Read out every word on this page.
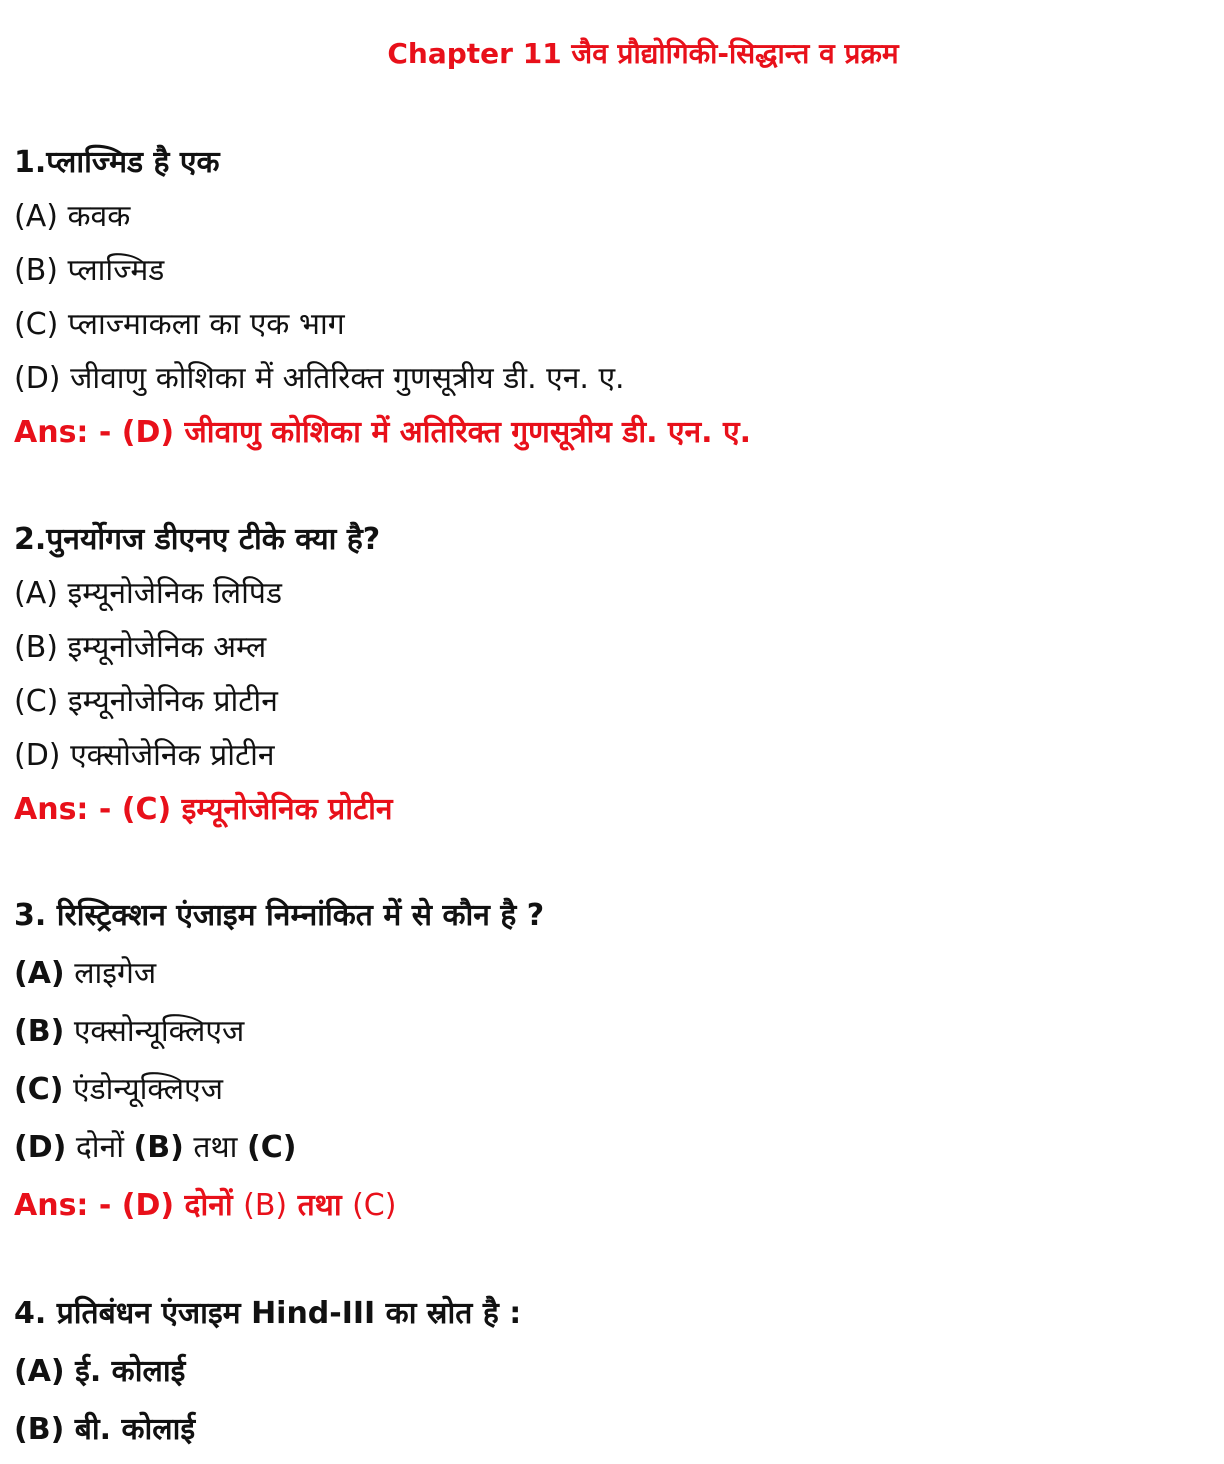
Chapter 11 जैव प्रौद्योगिकी-सिद्धान्त व प्रक्रम
1.प्लाज्मिड है एक
(A) कवक
(B) प्लाज्मिड
(C) प्लाज्माकला का एक भाग
(D) जीवाणु कोशिका में अतिरिक्त गुणसूत्रीय डी. एन. ए.
Ans: - (D) जीवाणु कोशिका में अतिरिक्त गुणसूत्रीय डी. एन. ए.
2.पुनर्योगज डीएनए टीके क्या है?
(A) इम्यूनोजेनिक लिपिड
(B) इम्यूनोजेनिक अम्ल
(C) इम्यूनोजेनिक प्रोटीन
(D) एक्सोजेनिक प्रोटीन
Ans: - (C) इम्यूनोजेनिक प्रोटीन
3. रिस्ट्रिक्शन एंजाइम निम्नांकित में से कौन है ?
(A) लाइगेज
(B) एक्सोन्यूक्लिएज
(C) एंडोन्यूक्लिएज
(D) दोनों (B) तथा (C)
Ans: - (D) दोनों (B) तथा (C)
4. प्रतिबंधन एंजाइम Hind-III का स्रोत है :
(A) ई. कोलाई
(B) बी. कोलाई
